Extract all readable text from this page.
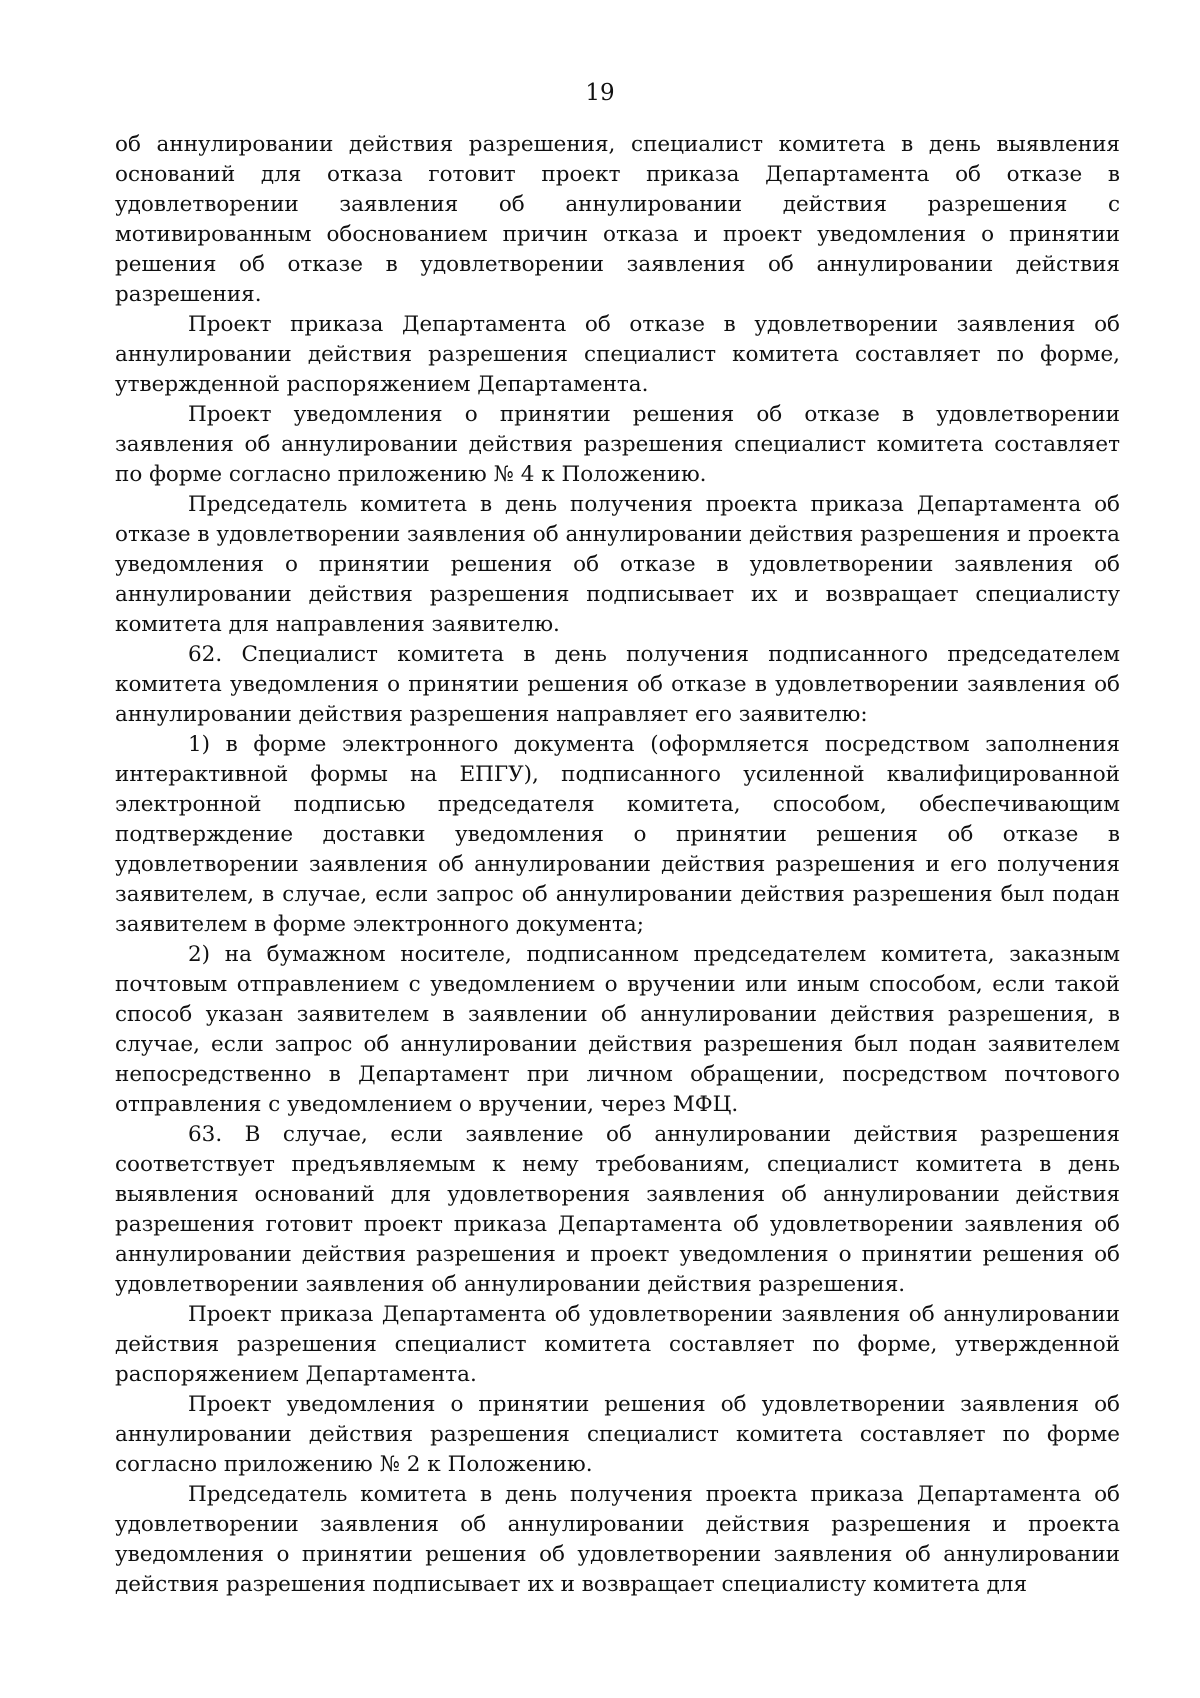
19

об аннулировании действия разрешения, специалист комитета в день выявления оснований для отказа готовит проект приказа Департамента об отказе в удовлетворении заявления об аннулировании действия разрешения с мотивированным обоснованием причин отказа и проект уведомления о принятии решения об отказе в удовлетворении заявления об аннулировании действия разрешения.

Проект приказа Департамента об отказе в удовлетворении заявления об аннулировании действия разрешения специалист комитета составляет по форме, утвержденной распоряжением Департамента.

Проект уведомления о принятии решения об отказе в удовлетворении заявления об аннулировании действия разрешения специалист комитета составляет по форме согласно приложению № 4 к Положению.

Председатель комитета в день получения проекта приказа Департамента об отказе в удовлетворении заявления об аннулировании действия разрешения и проекта уведомления о принятии решения об отказе в удовлетворении заявления об аннулировании действия разрешения подписывает их и возвращает специалисту комитета для направления заявителю.

62. Специалист комитета в день получения подписанного председателем комитета уведомления о принятии решения об отказе в удовлетворении заявления об аннулировании действия разрешения направляет его заявителю:

1) в форме электронного документа (оформляется посредством заполнения интерактивной формы на ЕПГУ), подписанного усиленной квалифицированной электронной подписью председателя комитета, способом, обеспечивающим подтверждение доставки уведомления о принятии решения об отказе в удовлетворении заявления об аннулировании действия разрешения и его получения заявителем, в случае, если запрос об аннулировании действия разрешения был подан заявителем в форме электронного документа;

2) на бумажном носителе, подписанном председателем комитета, заказным почтовым отправлением с уведомлением о вручении или иным способом, если такой способ указан заявителем в заявлении об аннулировании действия разрешения, в случае, если запрос об аннулировании действия разрешения был подан заявителем непосредственно в Департамент при личном обращении, посредством почтового отправления с уведомлением о вручении, через МФЦ.

63. В случае, если заявление об аннулировании действия разрешения соответствует предъявляемым к нему требованиям, специалист комитета в день выявления оснований для удовлетворения заявления об аннулировании действия разрешения готовит проект приказа Департамента об удовлетворении заявления об аннулировании действия разрешения и проект уведомления о принятии решения об удовлетворении заявления об аннулировании действия разрешения.

Проект приказа Департамента об удовлетворении заявления об аннулировании действия разрешения специалист комитета составляет по форме, утвержденной распоряжением Департамента.

Проект уведомления о принятии решения об удовлетворении заявления об аннулировании действия разрешения специалист комитета составляет по форме согласно приложению № 2 к Положению.

Председатель комитета в день получения проекта приказа Департамента об удовлетворении заявления об аннулировании действия разрешения и проекта уведомления о принятии решения об удовлетворении заявления об аннулировании действия разрешения подписывает их и возвращает специалисту комитета для
